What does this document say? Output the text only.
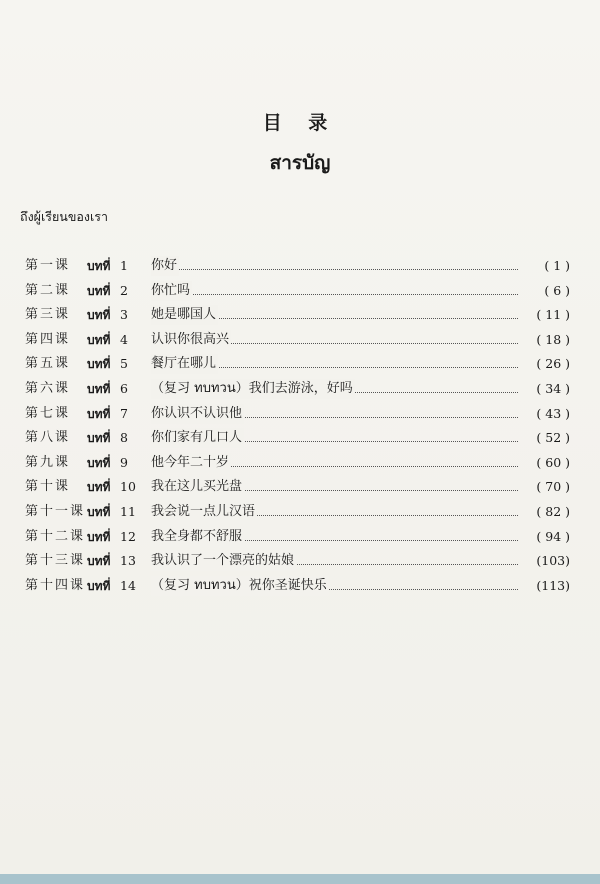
目 录
สารบัญ
ถึงผู้เรียนของเรา
第一课	บทที่ 1	你好	( 1 )
第二课	บทที่ 2	你忙吗	( 6 )
第三课	บทที่ 3	她是哪国人	( 11 )
第四课	บทที่ 4	认识你很高兴	( 18 )
第五课	บทที่ 5	餐厅在哪儿	( 26 )
第六课	บทที่ 6	（复习 ทบทวน）我们去游泳，好吗	( 34 )
第七课	บทที่ 7	你认识不认识他	( 43 )
第八课	บทที่ 8	你们家有几口人	( 52 )
第九课	บทที่ 9	他今年二十岁	( 60 )
第十课	บทที่ 10	我在这儿买光盘	( 70 )
第十一课 บทที่ 11	我会说一点儿汉语	( 82 )
第十二课 บทที่ 12	我全身都不舒服	( 94 )
第十三课 บทที่ 13	我认识了一个漂亮的姑娘	(103)
第十四课 บทที่ 14	（复习 ทบทวน）祝你圣诞快乐	(113)
